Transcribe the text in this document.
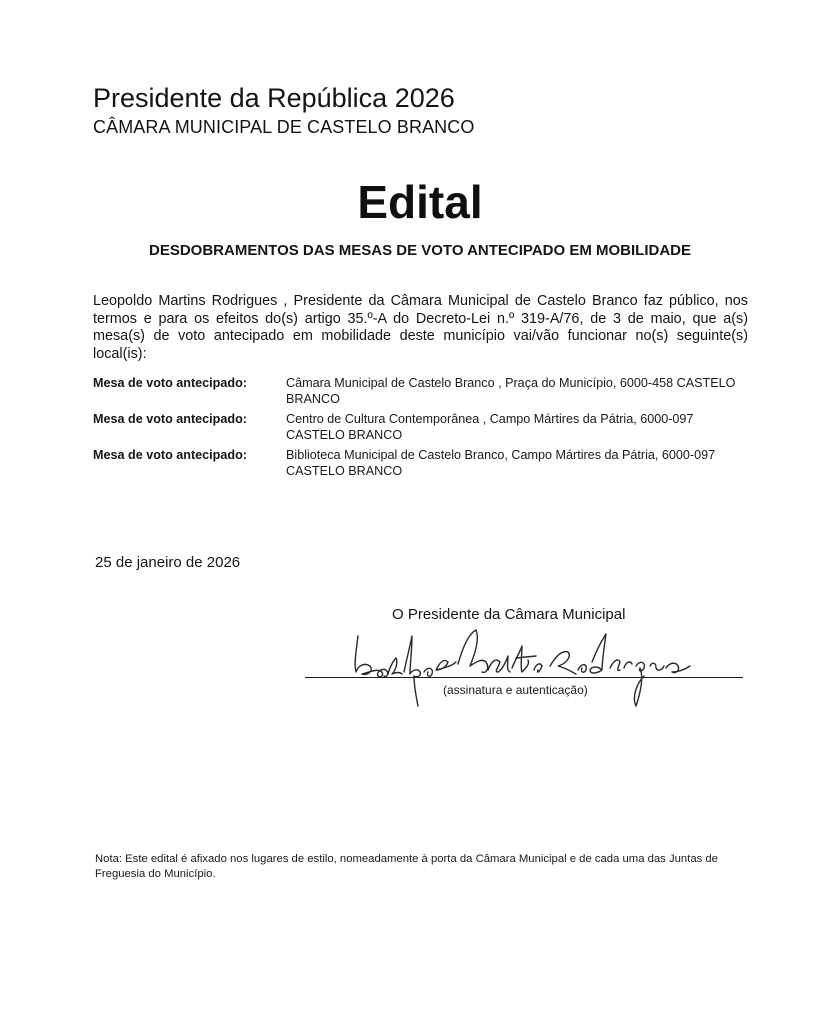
Presidente da República 2026
CÂMARA MUNICIPAL DE CASTELO BRANCO
Edital
DESDOBRAMENTOS DAS MESAS DE VOTO ANTECIPADO EM MOBILIDADE
Leopoldo Martins Rodrigues , Presidente da Câmara Municipal de Castelo Branco faz público, nos termos e para os efeitos do(s) artigo 35.º-A do Decreto-Lei n.º 319-A/76, de 3 de maio, que a(s) mesa(s) de voto antecipado em mobilidade deste município vai/vão funcionar no(s) seguinte(s) local(is):
Mesa de voto antecipado:	Câmara Municipal de Castelo Branco , Praça do Município, 6000-458 CASTELO BRANCO
Mesa de voto antecipado:	Centro de Cultura Contemporânea , Campo Mártires da Pátria, 6000-097 CASTELO BRANCO
Mesa de voto antecipado:	Biblioteca Municipal de Castelo Branco, Campo Mártires da Pátria, 6000-097 CASTELO BRANCO
25 de janeiro de 2026
O Presidente da Câmara Municipal
(assinatura e autenticação)
Nota: Este edital é afixado nos lugares de estilo, nomeadamente à porta da Câmara Municipal e de cada uma das Juntas de Freguesia do Município.
